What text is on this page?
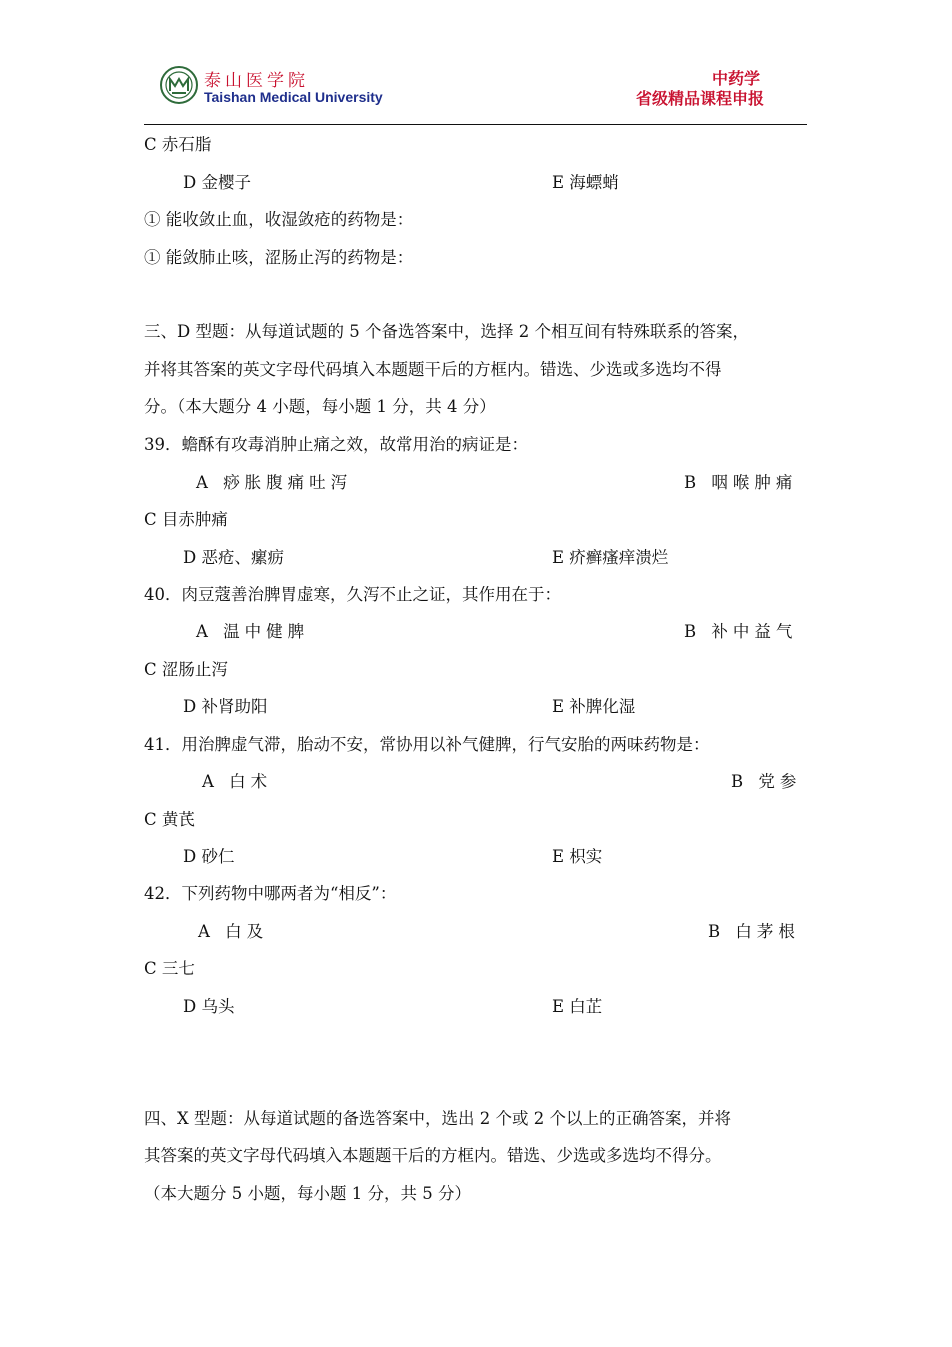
泰山医学院
Taishan Medical University
中药学
省级精品课程申报
C 赤石脂
D 金樱子	E 海螵蛸
① 能收敛止血，收湿敛疮的药物是：
① 能敛肺止咳，涩肠止泻的药物是：
三、D 型题：从每道试题的 5 个备选答案中，选择 2 个相互间有特殊联系的答案，
并将其答案的英文字母代码填入本题题干后的方框内。错选、少选或多选均不得
分。（本大题分 4 小题，每小题 1 分，共 4 分）
39．蟾酥有攻毒消肿止痛之效，故常用治的病证是：
A 痧胀腹痛吐泻	B 咽喉肿痛
C 目赤肿痛
D 恶疮、瘰疬	E 疥癣瘙痒溃烂
40．肉豆蔻善治脾胃虚寒，久泻不止之证，其作用在于：
A 温中健脾	B 补中益气
C 涩肠止泻
D 补肾助阳	E 补脾化湿
41．用治脾虚气滞，胎动不安，常协用以补气健脾，行气安胎的两味药物是：
A 白术	B 党参
C 黄芪
D 砂仁	E 枳实
42．下列药物中哪两者为“相反”：
A 白及	B 白茅根
C 三七
D 乌头	E 白芷
四、X 型题：从每道试题的备选答案中，选出 2 个或 2 个以上的正确答案，并将
其答案的英文字母代码填入本题题干后的方框内。错选、少选或多选均不得分。
（本大题分 5 小题，每小题 1 分，共 5 分）
